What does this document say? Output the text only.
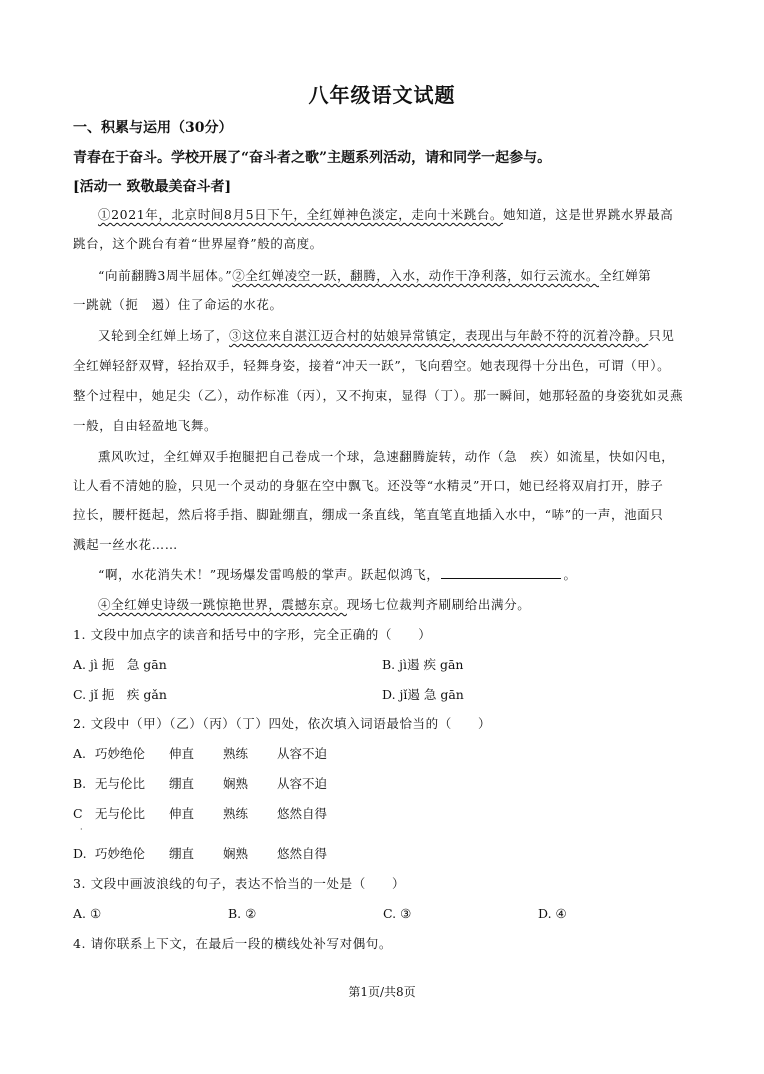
八年级语文试题
一、积累与运用（30分）
青春在于奋斗。学校开展了“奋斗者之歌”主题系列活动，请和同学一起参与。
[活动一 致敬最美奋斗者]
①2021年，北京时间8月5日下午，全红婵神色淡定，走向十米跳台。她知道，这是世界跳水界最高
跳台，这个跳台有着“世界屋脊”般的高度。
“向前翻腾3周半屈体。”②全红婵凌空一跃，翻腾，入水，动作干净利落，如行云流水。全红婵第
一跳就（扼　遏）住了命运的水花。
又轮到全红婵上场了，③这位来自湛江迈合村的姑娘异常镇定，表现出与年龄不符的沉着冷静。只见
全红婵轻舒双臂，轻抬双手，轻舞身姿，接着“冲天一跃”，飞向碧空。她表现得十分出色，可谓（甲）。
整个过程中，她足尖（乙），动作标准（丙），又不拘束，显得（丁）。那一瞬间，她那轻盈的身姿犹如灵燕
一般，自由轻盈地飞舞。
熏风吹过，全红婵双手抱腿把自己卷成一个球，急速翻腾旋转，动作（急　疾）如流星，快如闪电，
让人看不清她的脸，只见一个灵动的身躯在空中飘飞。还没等“水精灵”开口，她已经将双肩打开，脖子
拉长，腰杆挺起，然后将手指、脚趾绷直，绷成一条直线，笔直笔直地插入水中，“哧”的一声，池面只
溅起一丝水花……
“啊，水花消失术！”现场爆发雷鸣般的掌声。跃起似鸿飞，	。
④全红婵史诗级一跳惊艳世界，震撼东京。现场七位裁判齐刷刷给出满分。
1. 文段中加点字的读音和括号中的字形，完全正确的（　　）
A. jì 扼　急 gān	B. jì遏 疾 gān
C. jǐ 扼　疾 gǎn	D. jǐ遏 急 gān
2. 文段中（甲）（乙）（丙）（丁）四处，依次填入词语最恰当的（　　）
A. 巧妙绝伦 伸直 熟练 从容不迫
B. 无与伦比 绷直 娴熟 从容不迫
C 无与伦比 伸直 熟练 悠然自得
·
D. 巧妙绝伦 绷直 娴熟 悠然自得
3. 文段中画波浪线的句子，表达不恰当的一处是（　　）
A. ①	B. ②	C. ③	D. ④
4. 请你联系上下文，在最后一段的横线处补写对偶句。
第1页/共8页
